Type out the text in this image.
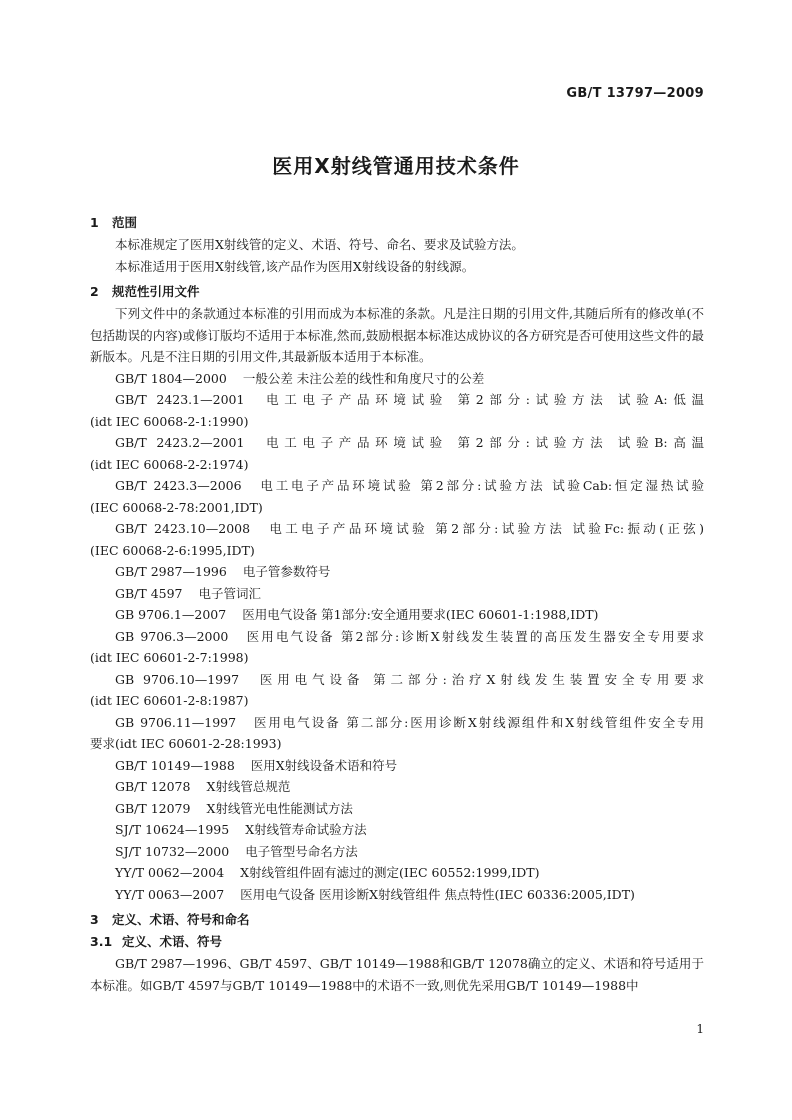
GB/T 13797—2009
医用X射线管通用技术条件
1 范围

本标准规定了医用X射线管的定义、术语、符号、命名、要求及试验方法。

本标准适用于医用X射线管,该产品作为医用X射线设备的射线源。

2 规范性引用文件

下列文件中的条款通过本标准的引用而成为本标准的条款。凡是注日期的引用文件,其随后所有的修改单(不包括勘误的内容)或修订版均不适用于本标准,然而,鼓励根据本标准达成协议的各方研究是否可使用这些文件的最新版本。凡是不注日期的引用文件,其最新版本适用于本标准。

GB/T 1804—2000 一般公差 未注公差的线性和角度尺寸的公差

GB/T 2423.1—2001 电工电子产品环境试验 第2部分:试验方法 试验A:低温
(idt IEC 60068-2-1:1990)

GB/T 2423.2—2001 电工电子产品环境试验 第2部分:试验方法 试验B:高温
(idt IEC 60068-2-2:1974)

GB/T 2423.3—2006 电工电子产品环境试验 第2部分:试验方法 试验Cab:恒定湿热试验
(IEC 60068-2-78:2001,IDT)

GB/T 2423.10—2008 电工电子产品环境试验 第2部分:试验方法 试验Fc:振动(正弦)
(IEC 60068-2-6:1995,IDT)

GB/T 2987—1996 电子管参数符号

GB/T 4597 电子管词汇

GB 9706.1—2007 医用电气设备 第1部分:安全通用要求(IEC 60601-1:1988,IDT)

GB 9706.3—2000 医用电气设备 第2部分:诊断X射线发生装置的高压发生器安全专用要求
(idt IEC 60601-2-7:1998)

GB 9706.10—1997 医用电气设备 第二部分:治疗X射线发生装置安全专用要求
(idt IEC 60601-2-8:1987)

GB 9706.11—1997 医用电气设备 第二部分:医用诊断X射线源组件和X射线管组件安全专用
要求(idt IEC 60601-2-28:1993)

GB/T 10149—1988 医用X射线设备术语和符号

GB/T 12078 X射线管总规范

GB/T 12079 X射线管光电性能测试方法

SJ/T 10624—1995 X射线管寿命试验方法

SJ/T 10732—2000 电子管型号命名方法

YY/T 0062—2004 X射线管组件固有滤过的测定(IEC 60552:1999,IDT)

YY/T 0063—2007 医用电气设备 医用诊断X射线管组件 焦点特性(IEC 60336:2005,IDT)

3 定义、术语、符号和命名
3.1 定义、术语、符号

GB/T 2987—1996、GB/T 4597、GB/T 10149—1988和GB/T 12078确立的定义、术语和符号适用于本标准。如GB/T 4597与GB/T 10149—1988中的术语不一致,则优先采用GB/T 10149—1988中

1
